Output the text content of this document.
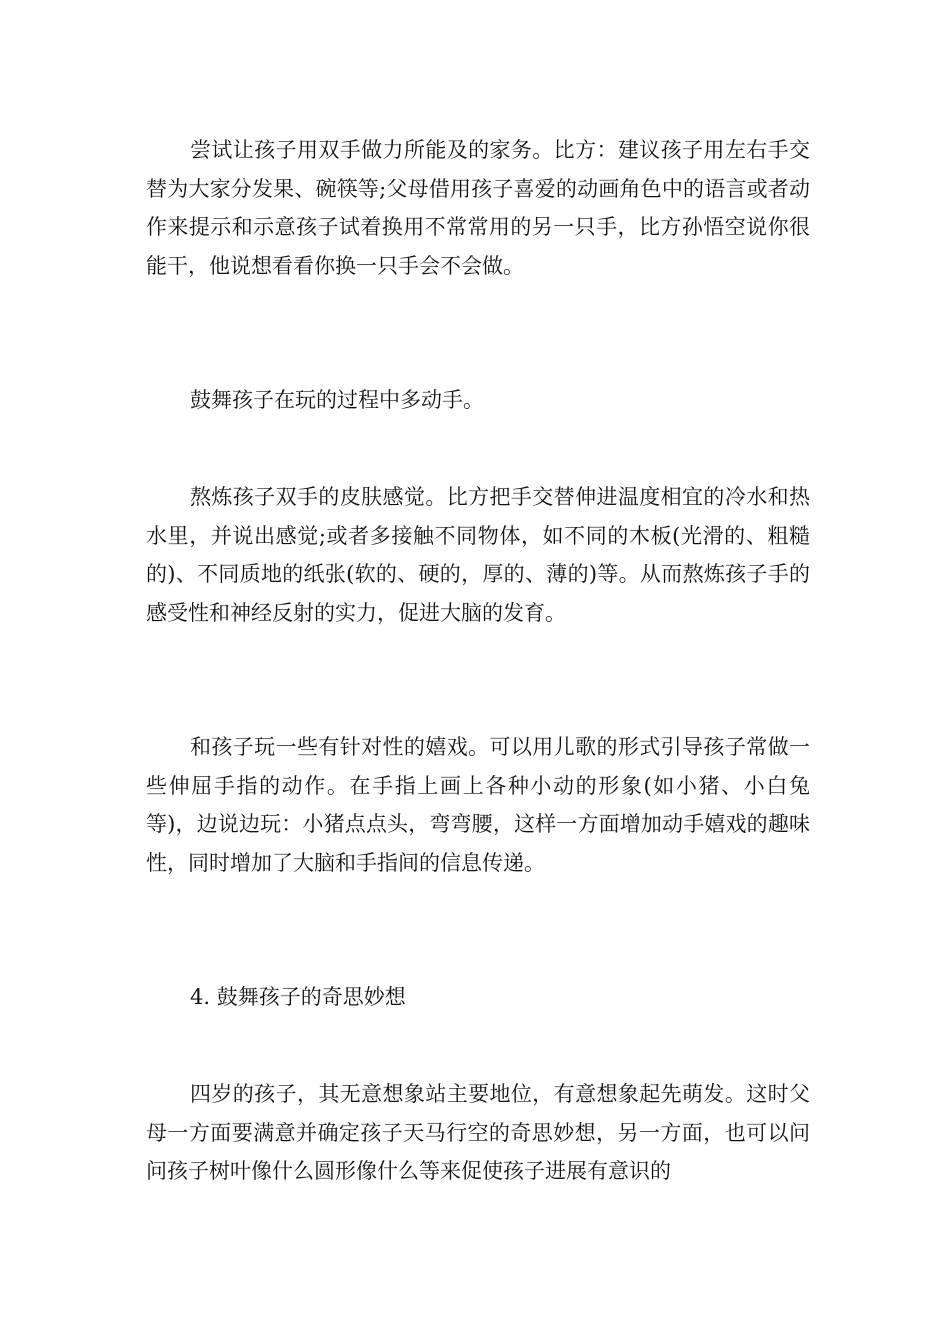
尝试让孩子用双手做力所能及的家务。比方：建议孩子用左右手交替为大家分发果、碗筷等;父母借用孩子喜爱的动画角色中的语言或者动作来提示和示意孩子试着换用不常常用的另一只手，比方孙悟空说你很能干，他说想看看你换一只手会不会做。

鼓舞孩子在玩的过程中多动手。

熬炼孩子双手的皮肤感觉。比方把手交替伸进温度相宜的冷水和热水里，并说出感觉;或者多接触不同物体，如不同的木板(光滑的、粗糙的)、不同质地的纸张(软的、硬的，厚的、薄的)等。从而熬炼孩子手的感受性和神经反射的实力，促进大脑的发育。

和孩子玩一些有针对性的嬉戏。可以用儿歌的形式引导孩子常做一些伸屈手指的动作。在手指上画上各种小动的形象(如小猪、小白兔等)，边说边玩：小猪点点头，弯弯腰，这样一方面增加动手嬉戏的趣味性，同时增加了大脑和手指间的信息传递。

4. 鼓舞孩子的奇思妙想

四岁的孩子，其无意想象站主要地位，有意想象起先萌发。这时父母一方面要满意并确定孩子天马行空的奇思妙想，另一方面，也可以问问孩子树叶像什么圆形像什么等来促使孩子进展有意识的
